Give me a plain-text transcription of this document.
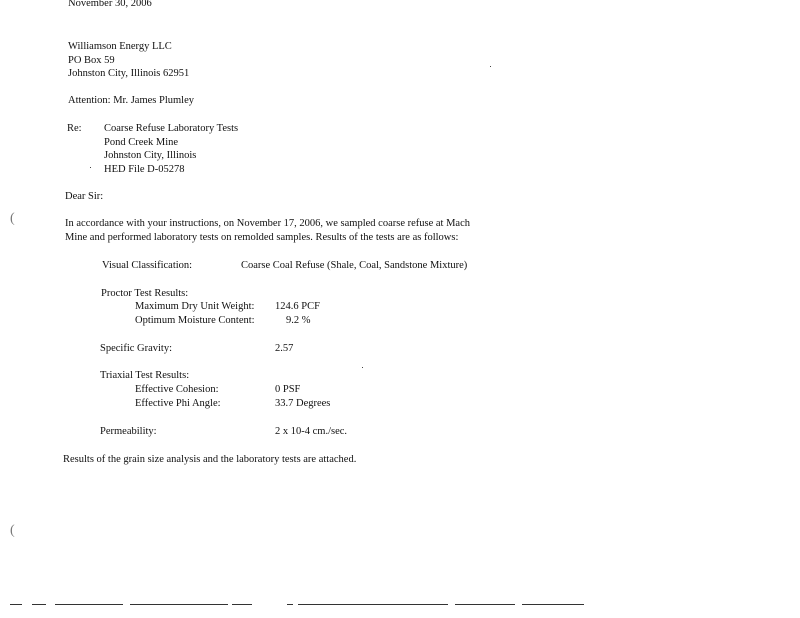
November 30, 2006
Williamson Energy LLC
PO Box 59
Johnston City, Illinois 62951
Attention: Mr. James Plumley
Re:	Coarse Refuse Laboratory Tests
Pond Creek Mine
Johnston City, Illinois
HED File D-05278
Dear Sir:
In accordance with your instructions, on November 17, 2006, we sampled coarse refuse at Mach
Mine and performed laboratory tests on remolded samples. Results of the tests are as follows:
Visual Classification:	Coarse Coal Refuse (Shale, Coal, Sandstone Mixture)
Proctor Test Results:
Maximum Dry Unit Weight: 124.6 PCF
Optimum Moisture Content:	9.2 %
Specific Gravity:	2.57
Triaxial Test Results:
Effective Cohesion:	0 PSF
Effective Phi Angle:	33.7 Degrees
Permeability:	2 x 10-4 cm./sec.
Results of the grain size analysis and the laboratory tests are attached.
(
(
